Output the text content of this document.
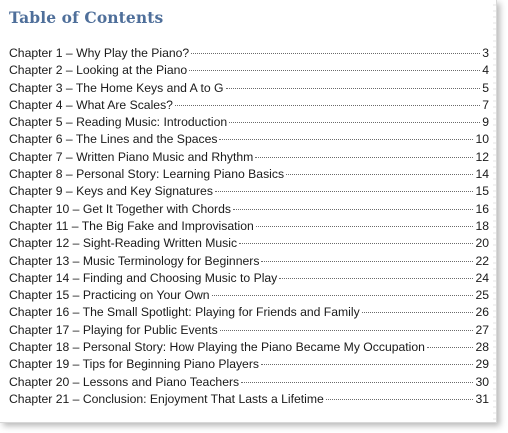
Table of Contents
Chapter 1 – Why Play the Piano?	3
Chapter 2 – Looking at the Piano	4
Chapter 3 – The Home Keys and A to G	5
Chapter 4 – What Are Scales?	7
Chapter 5 – Reading Music: Introduction	9
Chapter 6 – The Lines and the Spaces	10
Chapter 7 – Written Piano Music and Rhythm	12
Chapter 8 – Personal Story: Learning Piano Basics	14
Chapter 9 – Keys and Key Signatures	15
Chapter 10 – Get It Together with Chords	16
Chapter 11 – The Big Fake and Improvisation	18
Chapter 12 – Sight-Reading Written Music	20
Chapter 13 – Music Terminology for Beginners	22
Chapter 14 – Finding and Choosing Music to Play	24
Chapter 15 – Practicing on Your Own	25
Chapter 16 – The Small Spotlight: Playing for Friends and Family	26
Chapter 17 – Playing for Public Events	27
Chapter 18 – Personal Story: How Playing the Piano Became My Occupation	28
Chapter 19 – Tips for Beginning Piano Players	29
Chapter 20 – Lessons and Piano Teachers	30
Chapter 21 – Conclusion: Enjoyment That Lasts a Lifetime	31
